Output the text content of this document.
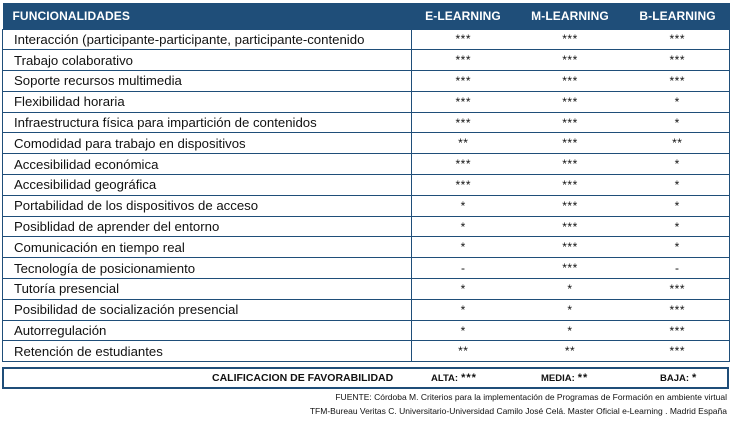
FUNCIONALIDADES	E-LEARNING	M-LEARNING	B-LEARNING
Interacción (participante-participante, participante-contenido	***	***	***
Trabajo colaborativo	***	***	***
Soporte recursos multimedia	***	***	***
Flexibilidad horaria	***	***	*
Infraestructura física para impartición de contenidos	***	***	*
Comodidad para trabajo en dispositivos	**	***	**
Accesibilidad económica	***	***	*
Accesibilidad geográfica	***	***	*
Portabilidad de los dispositivos de acceso	*	***	*
Posiblidad de aprender del entorno	*	***	*
Comunicación en tiempo real	*	***	*
Tecnología de posicionamiento	-	***	-
Tutoría presencial	*	*	***
Posibilidad de socialización presencial	*	*	***
Autorregulación	*	*	***
Retención de estudiantes	**	**	***
CALIFICACION DE FAVORABILIDAD	ALTA: ***	MEDIA: **	BAJA: *
FUENTE: Córdoba M. Criterios para la implementación de Programas de Formación en ambiente virtual
TFM-Bureau Veritas C. Universitario-Universidad Camilo José Celá. Master Oficial e-Learning . Madrid España
